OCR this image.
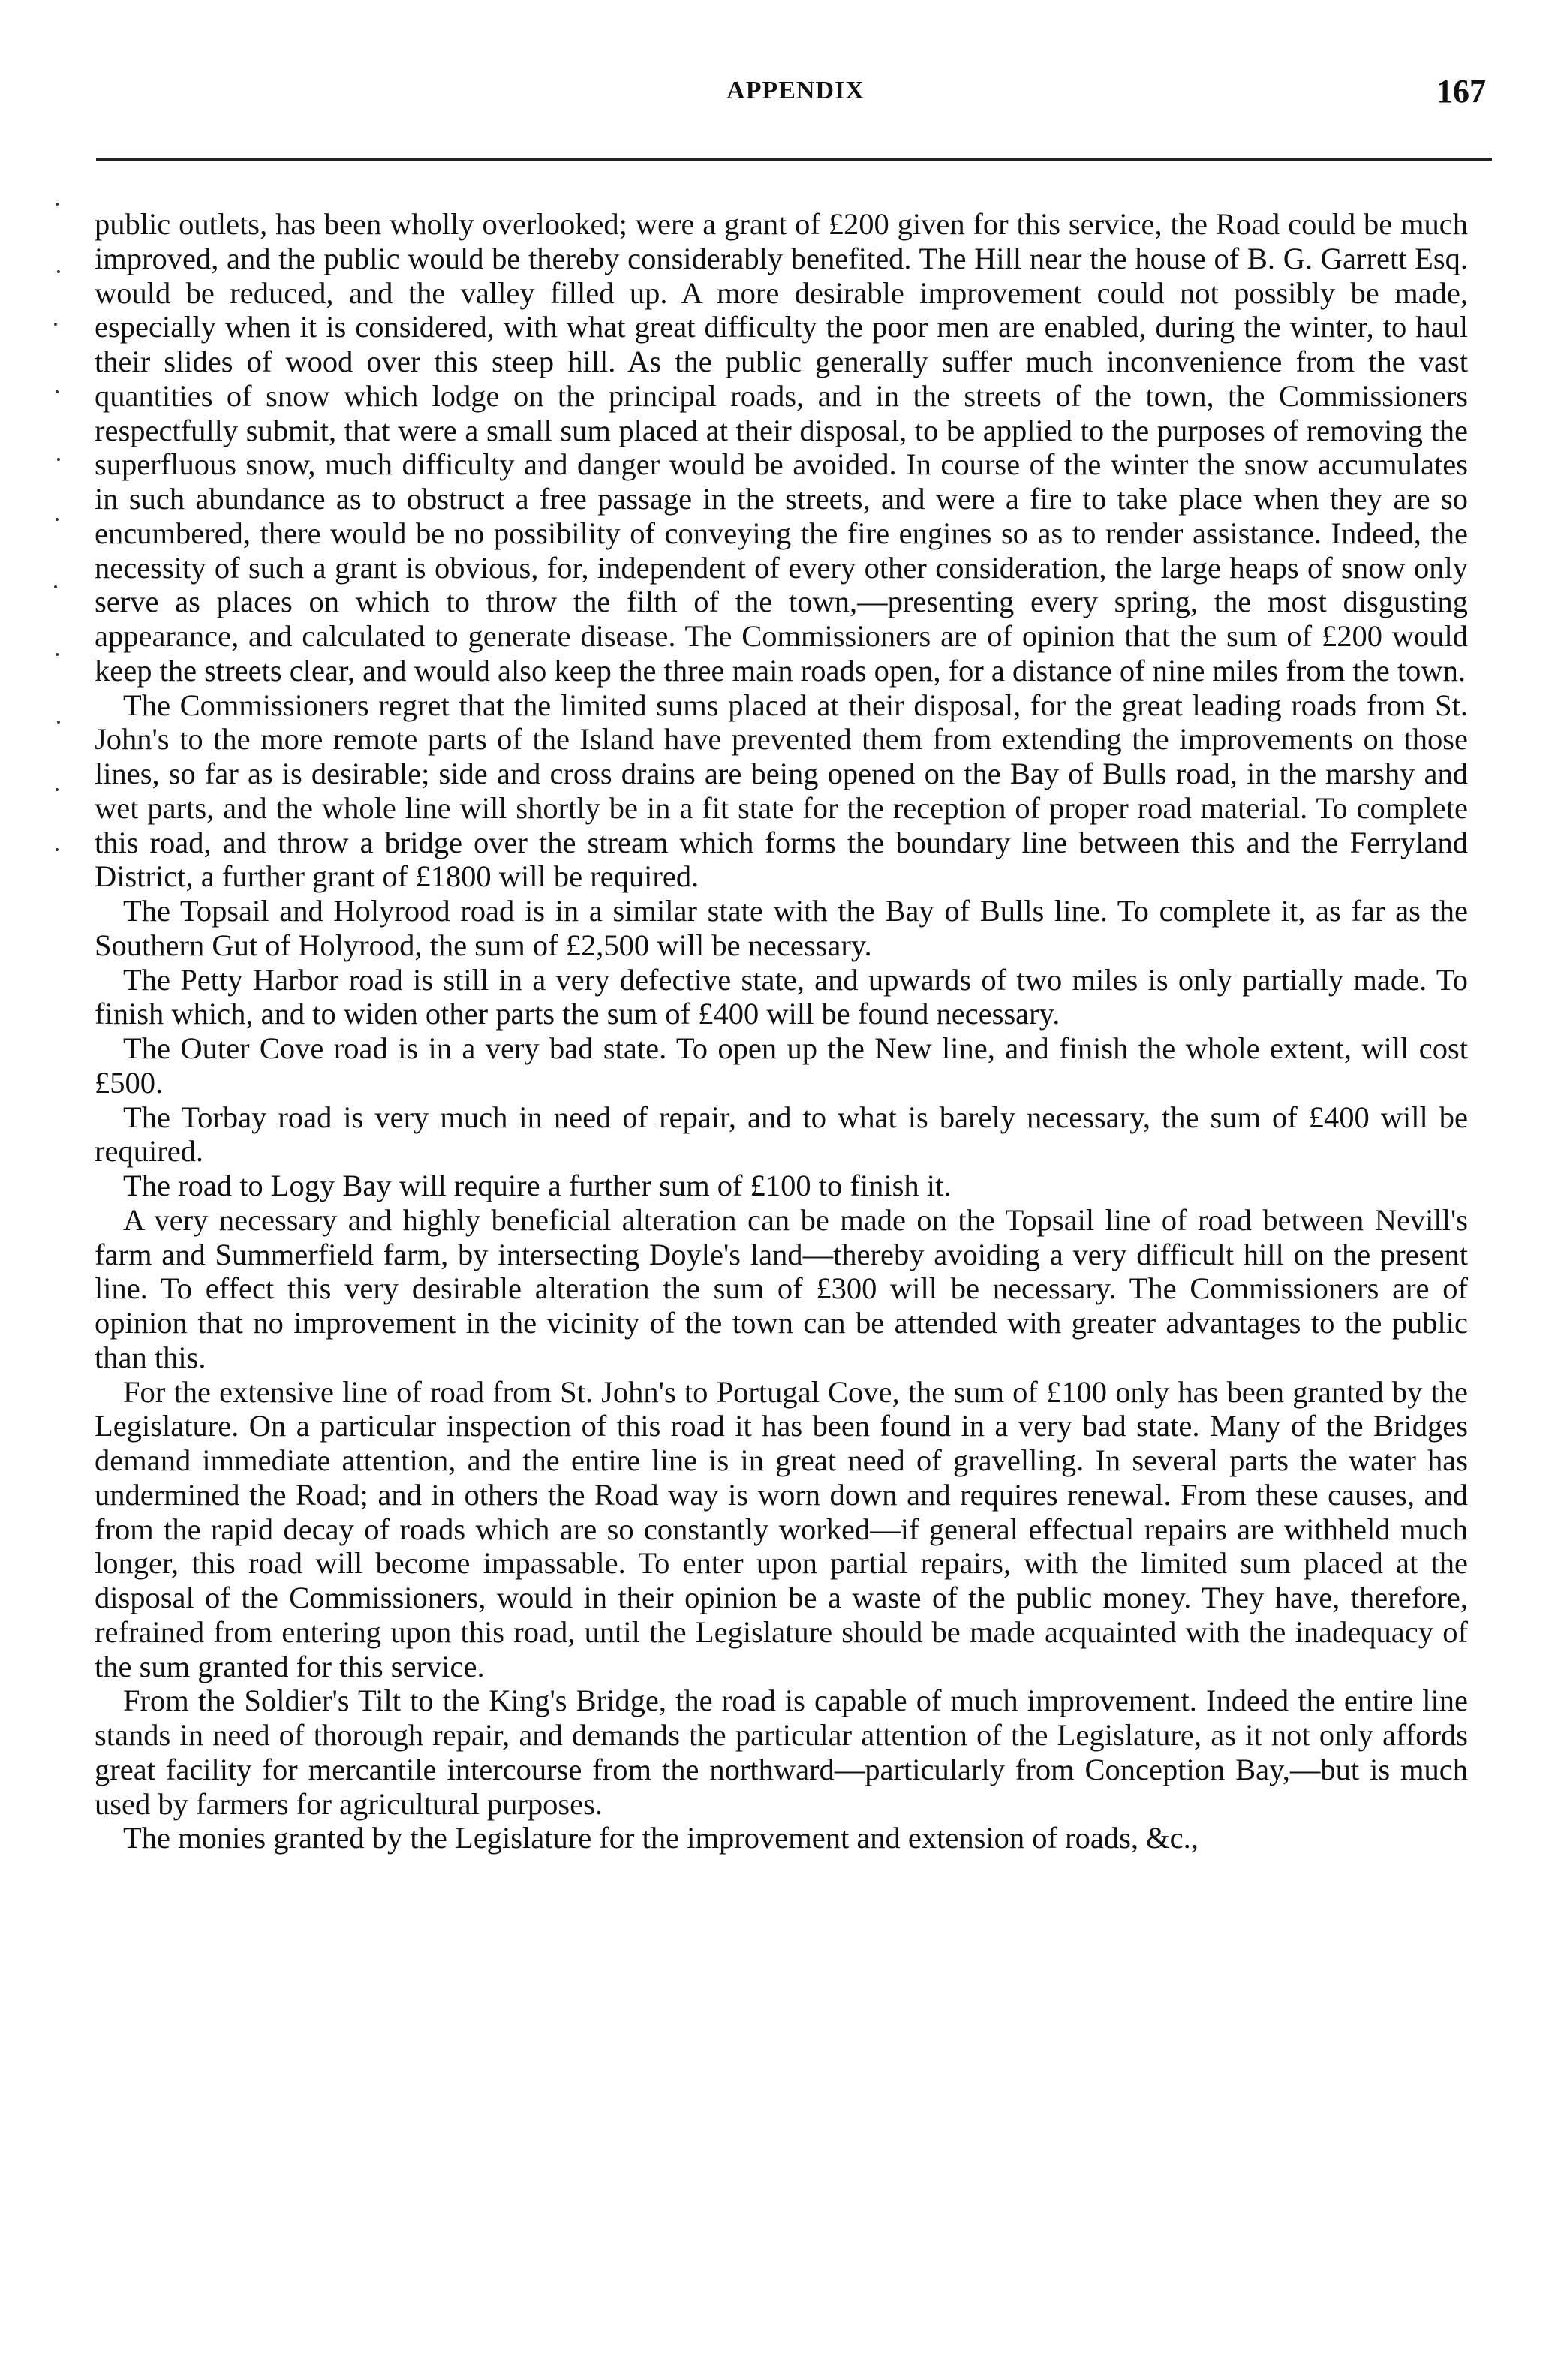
APPENDIX	167

public outlets, has been wholly overlooked; were a grant of £200 given for this service, the Road could be much improved, and the public would be thereby considerably benefited. The Hill near the house of B. G. Garrett Esq. would be reduced, and the valley filled up. A more desirable improvement could not possibly be made, especially when it is considered, with what great difficulty the poor men are enabled, during the winter, to haul their slides of wood over this steep hill. As the public generally suffer much inconvenience from the vast quantities of snow which lodge on the principal roads, and in the streets of the town, the Commissioners respectfully submit, that were a small sum placed at their disposal, to be applied to the purposes of removing the superfluous snow, much difficulty and danger would be avoided. In course of the winter the snow accumulates in such abundance as to obstruct a free passage in the streets, and were a fire to take place when they are so encumbered, there would be no possibility of conveying the fire engines so as to render assistance. Indeed, the necessity of such a grant is obvious, for, independent of every other consideration, the large heaps of snow only serve as places on which to throw the filth of the town,—presenting every spring, the most disgusting appearance, and calculated to generate disease. The Commissioners are of opinion that the sum of £200 would keep the streets clear, and would also keep the three main roads open, for a distance of nine miles from the town.

The Commissioners regret that the limited sums placed at their disposal, for the great leading roads from St. John's to the more remote parts of the Island have prevented them from extending the improvements on those lines, so far as is desirable; side and cross drains are being opened on the Bay of Bulls road, in the marshy and wet parts, and the whole line will shortly be in a fit state for the reception of proper road material. To complete this road, and throw a bridge over the stream which forms the boundary line between this and the Ferryland District, a further grant of £1800 will be required.

The Topsail and Holyrood road is in a similar state with the Bay of Bulls line. To complete it, as far as the Southern Gut of Holyrood, the sum of £2,500 will be necessary.

The Petty Harbor road is still in a very defective state, and upwards of two miles is only partially made. To finish which, and to widen other parts the sum of £400 will be found necessary.

The Outer Cove road is in a very bad state. To open up the New line, and finish the whole extent, will cost £500.

The Torbay road is very much in need of repair, and to what is barely necessary, the sum of £400 will be required.

The road to Logy Bay will require a further sum of £100 to finish it.

A very necessary and highly beneficial alteration can be made on the Topsail line of road between Nevill's farm and Summerfield farm, by intersecting Doyle's land—thereby avoiding a very difficult hill on the present line. To effect this very desirable alteration the sum of £300 will be necessary. The Commissioners are of opinion that no improvement in the vicinity of the town can be attended with greater advantages to the public than this.

For the extensive line of road from St. John's to Portugal Cove, the sum of £100 only has been granted by the Legislature. On a particular inspection of this road it has been found in a very bad state. Many of the Bridges demand immediate attention, and the entire line is in great need of gravelling. In several parts the water has undermined the Road; and in others the Road way is worn down and requires renewal. From these causes, and from the rapid decay of roads which are so constantly worked—if general effectual repairs are withheld much longer, this road will become impassable. To enter upon partial repairs, with the limited sum placed at the disposal of the Commissioners, would in their opinion be a waste of the public money. They have, therefore, refrained from entering upon this road, until the Legislature should be made acquainted with the inadequacy of the sum granted for this service.

From the Soldier's Tilt to the King's Bridge, the road is capable of much improvement. Indeed the entire line stands in need of thorough repair, and demands the particular attention of the Legislature, as it not only affords great facility for mercantile intercourse from the northward—particularly from Conception Bay,—but is much used by farmers for agricultural purposes.

The monies granted by the Legislature for the improvement and extension of roads, &c.,
